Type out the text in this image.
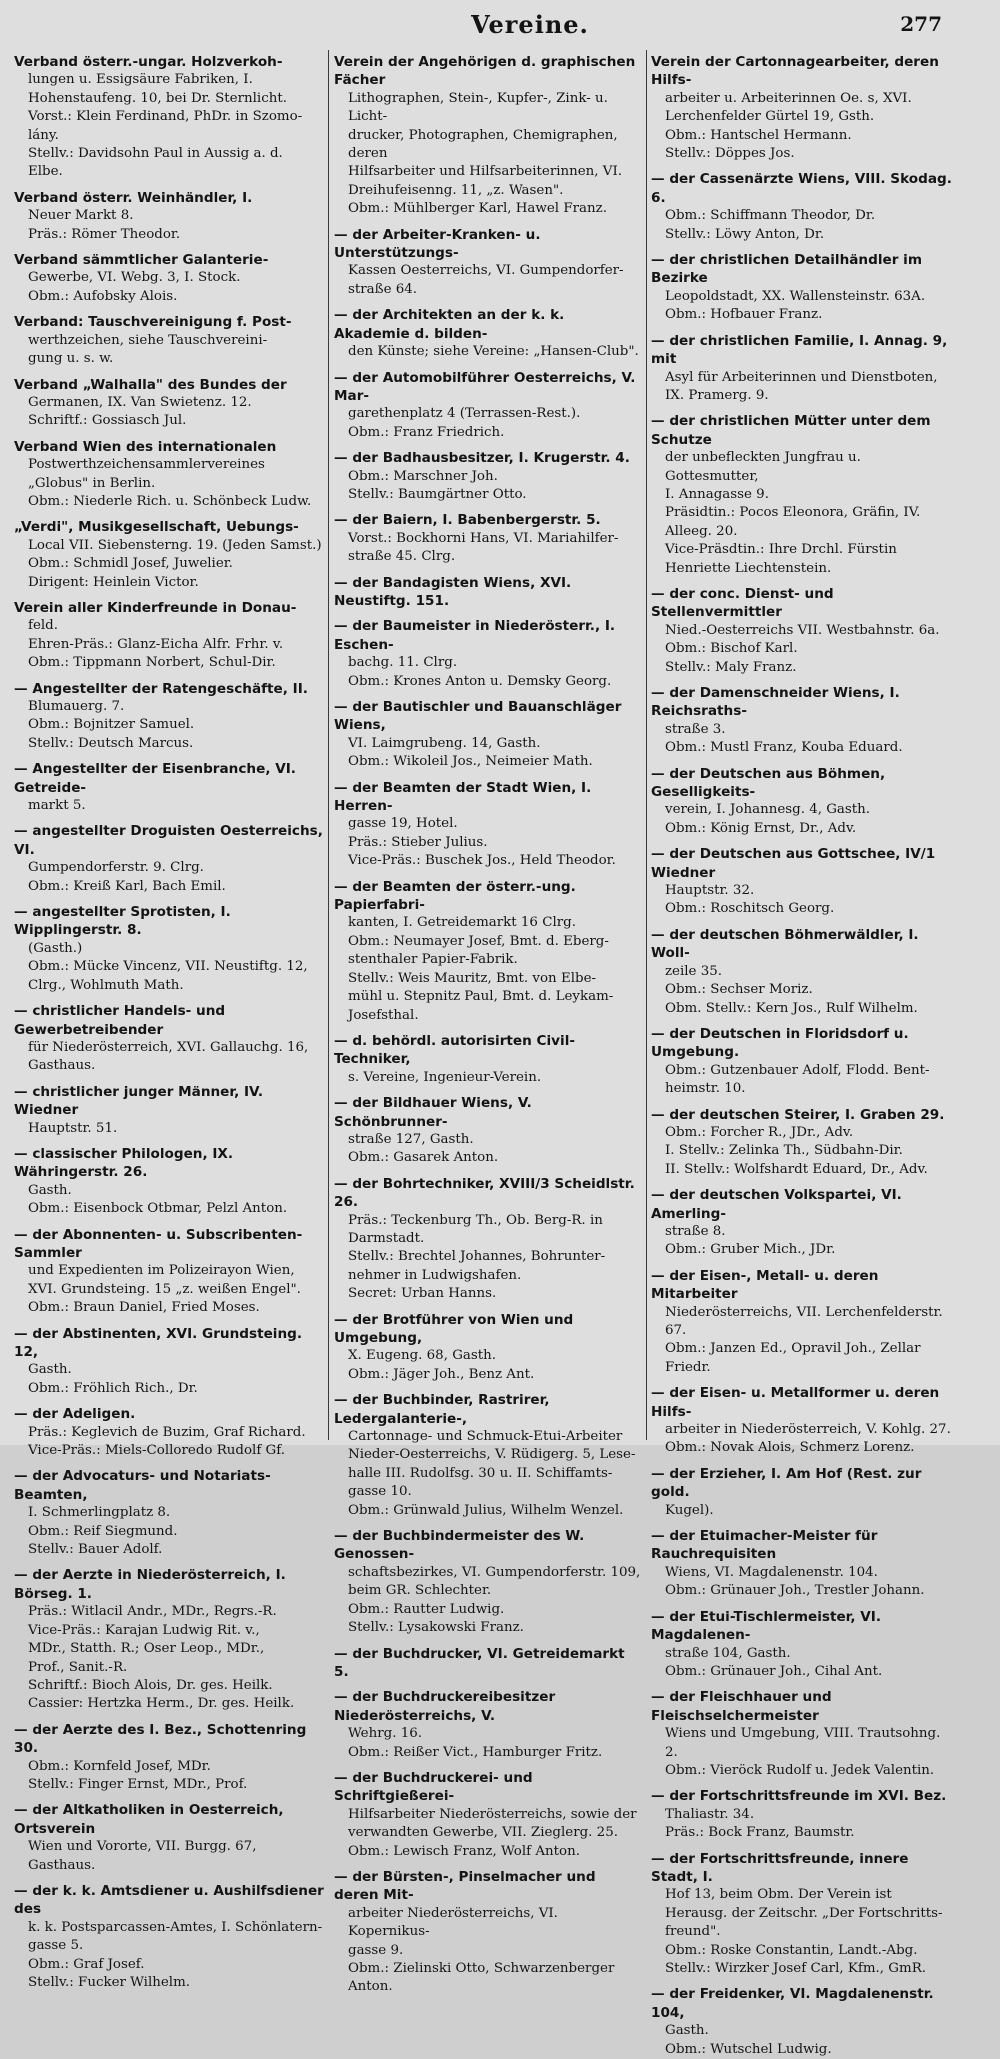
Vereine.	277
Verband österr.-ungar. Holzverkoh-
lungen u. Essigsäure Fabriken, I.
Hohenstaufeng. 10, bei Dr. Sternlicht.
Vorst.: Klein Ferdinand, PhDr. in Szomo-
lány.
Stellv.: Davidsohn Paul in Aussig a. d.
Elbe.
Verband österr. Weinhändler, I.
Neuer Markt 8.
Präs.: Römer Theodor.
Verband sämmtlicher Galanterie-
Gewerbe, VI. Webg. 3, I. Stock.
Obm.: Aufobsky Alois.
Verband: Tauschvereinigung f. Post-
werthzeichen, siehe Tauschvereini-
gung u. s. w.
Verband „Walhalla" des Bundes der
Germanen, IX. Van Swietenz. 12.
Schriftf.: Gossiasch Jul.
Verband Wien des internationalen
Postwerthzeichensammlervereines
„Globus" in Berlin.
Obm.: Niederle Rich. u. Schönbeck Ludw.
„Verdi", Musikgesellschaft, Uebungs-
Local VII. Siebensterng. 19. (Jeden Samst.)
Obm.: Schmidl Josef, Juwelier.
Dirigent: Heinlein Victor.
Verein aller Kinderfreunde in Donau-
feld.
Ehren-Präs.: Glanz-Eicha Alfr. Frhr. v.
Obm.: Tippmann Norbert, Schul-Dir.
— Angestellter der Ratengeschäfte, II.
Blumauerg. 7.
Obm.: Bojnitzer Samuel.
Stellv.: Deutsch Marcus.
— Angestellter der Eisenbranche, VI. Getreide-
markt 5.
— angestellter Droguisten Oesterreichs, VI.
Gumpendorferstr. 9. Clrg.
Obm.: Kreiß Karl, Bach Emil.
— angestellter Sprotisten, I. Wipplingerstr. 8.
(Gasth.)
Obm.: Mücke Vincenz, VII. Neustiftg. 12,
Clrg., Wohlmuth Math.
— christlicher Handels- und Gewerbetreibender
für Niederösterreich, XVI. Gallauchg. 16,
Gasthaus.
— christlicher junger Männer, IV. Wiedner
Hauptstr. 51.
— classischer Philologen, IX. Währingerstr. 26.
Gasth.
Obm.: Eisenbock Otbmar, Pelzl Anton.
— der Abonnenten- u. Subscribenten-Sammler
und Expedienten im Polizeirayon Wien,
XVI. Grundsteing. 15 „z. weißen Engel".
Obm.: Braun Daniel, Fried Moses.
— der Abstinenten, XVI. Grundsteing. 12,
Gasth.
Obm.: Fröhlich Rich., Dr.
— der Adeligen.
Präs.: Keglevich de Buzim, Graf Richard.
Vice-Präs.: Miels-Colloredo Rudolf Gf.
— der Advocaturs- und Notariats-Beamten,
I. Schmerlingplatz 8.
Obm.: Reif Siegmund.
Stellv.: Bauer Adolf.
— der Aerzte in Niederösterreich, I. Börseg. 1.
Präs.: Witlacil Andr., MDr., Regrs.-R.
Vice-Präs.: Karajan Ludwig Rit. v.,
MDr., Statth. R.; Oser Leop., MDr.,
Prof., Sanit.-R.
Schriftf.: Bioch Alois, Dr. ges. Heilk.
Cassier: Hertzka Herm., Dr. ges. Heilk.
— der Aerzte des I. Bez., Schottenring 30.
Obm.: Kornfeld Josef, MDr.
Stellv.: Finger Ernst, MDr., Prof.
— der Altkatholiken in Oesterreich, Ortsverein
Wien und Vororte, VII. Burgg. 67,
Gasthaus.
— der k. k. Amtsdiener u. Aushilfsdiener des
k. k. Postsparcassen-Amtes, I. Schönlatern-
gasse 5.
Obm.: Graf Josef.
Stellv.: Fucker Wilhelm.
Verein der Angehörigen d. graphischen Fächer
Lithographen, Stein-, Kupfer-, Zink- u. Licht-
drucker, Photographen, Chemigraphen, deren
Hilfsarbeiter und Hilfsarbeiterinnen, VI.
Dreihufeisenng. 11, „z. Wasen".
Obm.: Mühlberger Karl, Hawel Franz.
— der Arbeiter-Kranken- u. Unterstützungs-
Kassen Oesterreichs, VI. Gumpendorfer-
straße 64.
— der Architekten an der k. k. Akademie d. bilden-
den Künste; siehe Vereine: „Hansen-Club".
— der Automobilführer Oesterreichs, V. Mar-
garethenplatz 4 (Terrassen-Rest.).
Obm.: Franz Friedrich.
— der Badhausbesitzer, I. Krugerstr. 4.
Obm.: Marschner Joh.
Stellv.: Baumgärtner Otto.
— der Baiern, I. Babenbergerstr. 5.
Vorst.: Bockhorni Hans, VI. Mariahilfer-
straße 45. Clrg.
— der Bandagisten Wiens, XVI. Neustiftg. 151.
— der Baumeister in Niederösterr., I. Eschen-
bachg. 11. Clrg.
Obm.: Krones Anton u. Demsky Georg.
— der Bautischler und Bauanschläger Wiens,
VI. Laimgrubeng. 14, Gasth.
Obm.: Wikoleil Jos., Neimeier Math.
— der Beamten der Stadt Wien, I. Herren-
gasse 19, Hotel.
Präs.: Stieber Julius.
Vice-Präs.: Buschek Jos., Held Theodor.
— der Beamten der österr.-ung. Papierfabri-
kanten, I. Getreidemarkt 16 Clrg.
Obm.: Neumayer Josef, Bmt. d. Eberg-
stenthaler Papier-Fabrik.
Stellv.: Weis Mauritz, Bmt. von Elbe-
mühl u. Stepnitz Paul, Bmt. d. Leykam-
Josefsthal.
— d. behördl. autorisirten Civil-Techniker,
s. Vereine, Ingenieur-Verein.
— der Bildhauer Wiens, V. Schönbrunner-
straße 127, Gasth.
Obm.: Gasarek Anton.
— der Bohrtechniker, XVIII/3 Scheidlstr. 26.
Präs.: Teckenburg Th., Ob. Berg-R. in
Darmstadt.
Stellv.: Brechtel Johannes, Bohrunter-
nehmer in Ludwigshafen.
Secret: Urban Hanns.
— der Brotführer von Wien und Umgebung,
X. Eugeng. 68, Gasth.
Obm.: Jäger Joh., Benz Ant.
— der Buchbinder, Rastrirer, Ledergalanterie-,
Cartonnage- und Schmuck-Etui-Arbeiter
Nieder-Oesterreichs, V. Rüdigerg. 5, Lese-
halle III. Rudolfsg. 30 u. II. Schiffamts-
gasse 10.
Obm.: Grünwald Julius, Wilhelm Wenzel.
— der Buchbindermeister des W. Genossen-
schaftsbezirkes, VI. Gumpendorferstr. 109,
beim GR. Schlechter.
Obm.: Rautter Ludwig.
Stellv.: Lysakowski Franz.
— der Buchdrucker, VI. Getreidemarkt 5.
— der Buchdruckereibesitzer Niederösterreichs, V.
Wehrg. 16.
Obm.: Reißer Vict., Hamburger Fritz.
— der Buchdruckerei- und Schriftgießerei-
Hilfsarbeiter Niederösterreichs, sowie der
verwandten Gewerbe, VII. Zieglerg. 25.
Obm.: Lewisch Franz, Wolf Anton.
— der Bürsten-, Pinselmacher und deren Mit-
arbeiter Niederösterreichs, VI. Kopernikus-
gasse 9.
Obm.: Zielinski Otto, Schwarzenberger
Anton.
Verein der Cartonnagearbeiter, deren Hilfs-
arbeiter u. Arbeiterinnen Oe. s, XVI.
Lerchenfelder Gürtel 19, Gsth.
Obm.: Hantschel Hermann.
Stellv.: Döppes Jos.
— der Cassenärzte Wiens, VIII. Skodag. 6.
Obm.: Schiffmann Theodor, Dr.
Stellv.: Löwy Anton, Dr.
— der christlichen Detailhändler im Bezirke
Leopoldstadt, XX. Wallensteinstr. 63A.
Obm.: Hofbauer Franz.
— der christlichen Familie, I. Annag. 9, mit
Asyl für Arbeiterinnen und Dienstboten,
IX. Pramerg. 9.
— der christlichen Mütter unter dem Schutze
der unbefleckten Jungfrau u. Gottesmutter,
I. Annagasse 9.
Präsidtin.: Pocos Eleonora, Gräfin, IV.
Alleeg. 20.
Vice-Präsdtin.: Ihre Drchl. Fürstin
Henriette Liechtenstein.
— der conc. Dienst- und Stellenvermittler
Nied.-Oesterreichs VII. Westbahnstr. 6a.
Obm.: Bischof Karl.
Stellv.: Maly Franz.
— der Damenschneider Wiens, I. Reichsraths-
straße 3.
Obm.: Mustl Franz, Kouba Eduard.
— der Deutschen aus Böhmen, Geselligkeits-
verein, I. Johannesg. 4, Gasth.
Obm.: König Ernst, Dr., Adv.
— der Deutschen aus Gottschee, IV/1 Wiedner
Hauptstr. 32.
Obm.: Roschitsch Georg.
— der deutschen Böhmerwäldler, I. Woll-
zeile 35.
Obm.: Sechser Moriz.
Obm. Stellv.: Kern Jos., Rulf Wilhelm.
— der Deutschen in Floridsdorf u. Umgebung.
Obm.: Gutzenbauer Adolf, Flodd. Bent-
heimstr. 10.
— der deutschen Steirer, I. Graben 29.
Obm.: Forcher R., JDr., Adv.
I. Stellv.: Zelinka Th., Südbahn-Dir.
II. Stellv.: Wolfshardt Eduard, Dr., Adv.
— der deutschen Volkspartei, VI. Amerling-
straße 8.
Obm.: Gruber Mich., JDr.
— der Eisen-, Metall- u. deren Mitarbeiter
Niederösterreichs, VII. Lerchenfelderstr. 67.
Obm.: Janzen Ed., Opravil Joh., Zellar
Friedr.
— der Eisen- u. Metallformer u. deren Hilfs-
arbeiter in Niederösterreich, V. Kohlg. 27.
Obm.: Novak Alois, Schmerz Lorenz.
— der Erzieher, I. Am Hof (Rest. zur gold.
Kugel).
— der Etuimacher-Meister für Rauchrequisiten
Wiens, VI. Magdalenenstr. 104.
Obm.: Grünauer Joh., Trestler Johann.
— der Etui-Tischlermeister, VI. Magdalenen-
straße 104, Gasth.
Obm.: Grünauer Joh., Cihal Ant.
— der Fleischhauer und Fleischselchermeister
Wiens und Umgebung, VIII. Trautsohng. 2.
Obm.: Vieröck Rudolf u. Jedek Valentin.
— der Fortschrittsfreunde im XVI. Bez.
Thaliastr. 34.
Präs.: Bock Franz, Baumstr.
— der Fortschrittsfreunde, innere Stadt, I.
Hof 13, beim Obm. Der Verein ist
Herausg. der Zeitschr. „Der Fortschritts-
freund".
Obm.: Roske Constantin, Landt.-Abg.
Stellv.: Wirzker Josef Carl, Kfm., GmR.
— der Freidenker, VI. Magdalenenstr. 104,
Gasth.
Obm.: Wutschel Ludwig.
